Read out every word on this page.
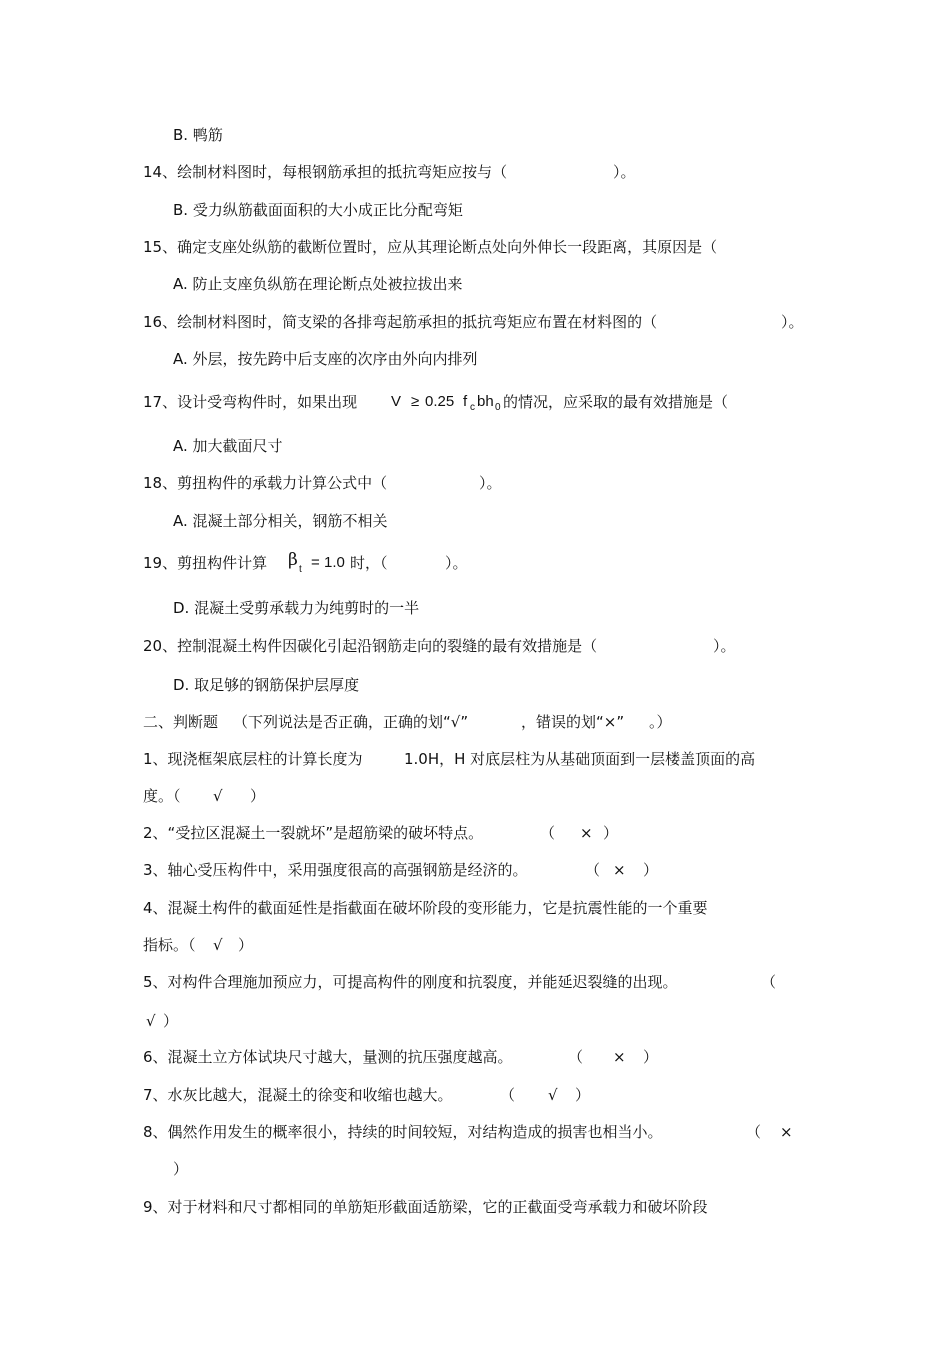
B. 鸭筋
14、绘制材料图时，每根钢筋承担的抵抗弯矩应按与（	）。
B. 受力纵筋截面面积的大小成正比分配弯矩
15、确定支座处纵筋的截断位置时，应从其理论断点处向外伸长一段距离，其原因是（
A. 防止支座负纵筋在理论断点处被拉拔出来
16、绘制材料图时，简支梁的各排弯起筋承担的抵抗弯矩应布置在材料图的（	）。
A. 外层，按先跨中后支座的次序由外向内排列
17、设计受弯构件时，如果出现 V ≥ 0.25 f c bh 0 的情况，应采取的最有效措施是（
A. 加大截面尺寸
18、剪扭构件的承载力计算公式中（	）。
A. 混凝土部分相关，钢筋不相关
19、剪扭构件计算 β t = 1.0 时，（	）。
D. 混凝土受剪承载力为纯剪时的一半
20、控制混凝土构件因碳化引起沿钢筋走向的裂缝的最有效措施是（	）。
D. 取足够的钢筋保护层厚度
二、判断题 （下列说法是否正确，正确的划“√”	，错误的划“×” 。）
1、现浇框架底层柱的计算长度为	1.0H，H 对底层柱为从基础顶面到一层楼盖顶面的高
度。（ √ ）
2、“受拉区混凝土一裂就坏”是超筋梁的破坏特点。	（ × ）
3、轴心受压构件中，采用强度很高的高强钢筋是经济的。	（ × ）
4、混凝土构件的截面延性是指截面在破坏阶段的变形能力，它是抗震性能的一个重要
指标。（ √ ）
5、对构件合理施加预应力，可提高构件的刚度和抗裂度，并能延迟裂缝的出现。	（
√ ）
6、混凝土立方体试块尺寸越大，量测的抗压强度越高。	（ × ）
7、水灰比越大，混凝土的徐变和收缩也越大。	（ √ ）
8、偶然作用发生的概率很小，持续的时间较短，对结构造成的损害也相当小。	（ ×
）
9、对于材料和尺寸都相同的单筋矩形截面适筋梁，它的正截面受弯承载力和破坏阶段
